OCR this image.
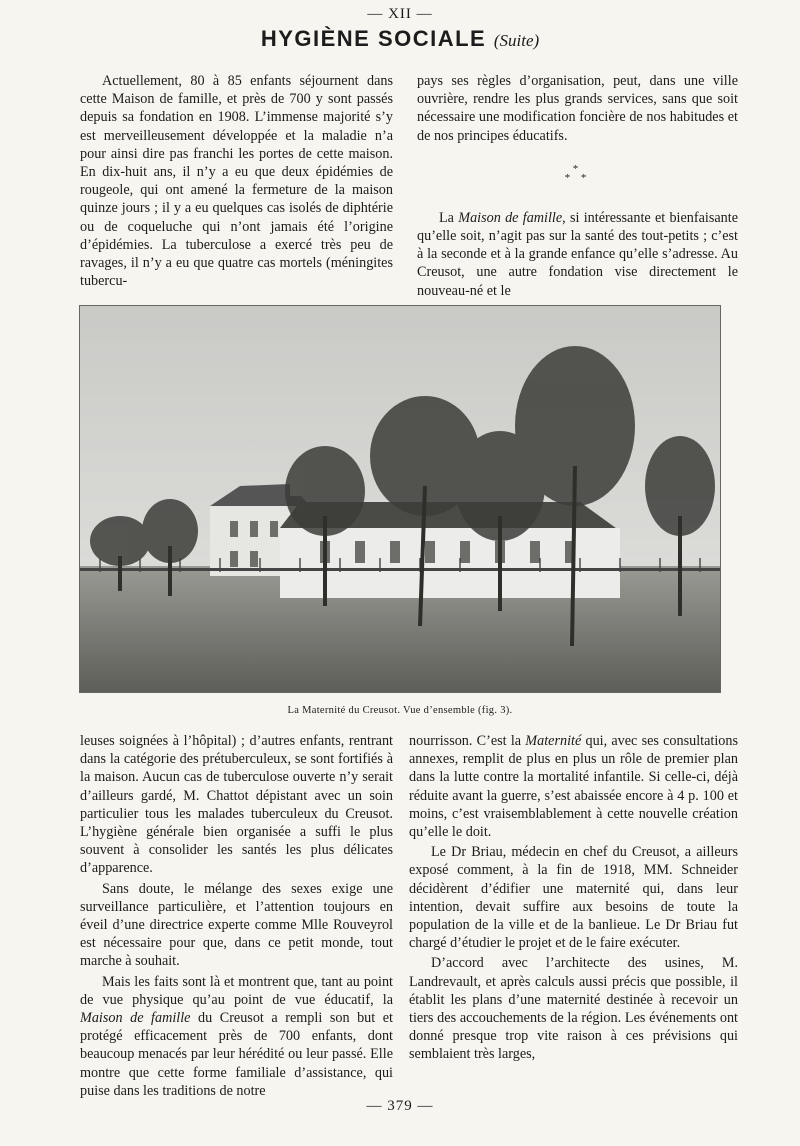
— XII —
HYGIÈNE SOCIALE (Suite)

Actuellement, 80 à 85 enfants séjournent dans cette Maison de famille, et près de 700 y sont passés depuis sa fondation en 1908. L’immense majorité s’y est merveilleusement développée et la maladie n’a pour ainsi dire pas franchi les portes de cette maison. En dix-huit ans, il n’y a eu que deux épidémies de rougeole, qui ont amené la fermeture de la maison quinze jours ; il y a eu quelques cas isolés de diphtérie ou de coqueluche qui n’ont jamais été l’origine d’épidémies. La tuberculose a exercé très peu de ravages, il n’y a eu que quatre cas mortels (méningites tubercu-

pays ses règles d’organisation, peut, dans une ville ouvrière, rendre les plus grands services, sans que soit nécessaire une modification foncière de nos habitudes et de nos principes éducatifs.

*
* *

La Maison de famille, si intéressante et bienfaisante qu’elle soit, n’agit pas sur la santé des tout-petits ; c’est à la seconde et à la grande enfance qu’elle s’adresse. Au Creusot, une autre fondation vise directement le nouveau-né et le

La Maternité du Creusot. Vue d’ensemble (fig. 3).

leuses soignées à l’hôpital) ; d’autres enfants, rentrant dans la catégorie des prétuberculeux, se sont fortifiés à la maison. Aucun cas de tuberculose ouverte n’y serait d’ailleurs gardé, M. Chattot dépistant avec un soin particulier tous les malades tuberculeux du Creusot. L’hygiène générale bien organisée a suffi le plus souvent à consolider les santés les plus délicates d’apparence.

Sans doute, le mélange des sexes exige une surveillance particulière, et l’attention toujours en éveil d’une directrice experte comme Mlle Rouveyrol est nécessaire pour que, dans ce petit monde, tout marche à souhait.

Mais les faits sont là et montrent que, tant au point de vue physique qu’au point de vue éducatif, la Maison de famille du Creusot a rempli son but et protégé efficacement près de 700 enfants, dont beaucoup menacés par leur hérédité ou leur passé. Elle montre que cette forme familiale d’assistance, qui puise dans les traditions de notre

nourrisson. C’est la Maternité qui, avec ses consultations annexes, remplit de plus en plus un rôle de premier plan dans la lutte contre la mortalité infantile. Si celle-ci, déjà réduite avant la guerre, s’est abaissée encore à 4 p. 100 et moins, c’est vraisemblablement à cette nouvelle création qu’elle le doit.

Le Dr Briau, médecin en chef du Creusot, a ailleurs exposé comment, à la fin de 1918, MM. Schneider décidèrent d’édifier une maternité qui, dans leur intention, devait suffire aux besoins de toute la population de la ville et de la banlieue. Le Dr Briau fut chargé d’étudier le projet et de le faire exécuter.

D’accord avec l’architecte des usines, M. Landrevault, et après calculs aussi précis que possible, il établit les plans d’une maternité destinée à recevoir un tiers des accouchements de la région. Les événements ont donné presque trop vite raison à ces prévisions qui semblaient très larges,

— 379 —
